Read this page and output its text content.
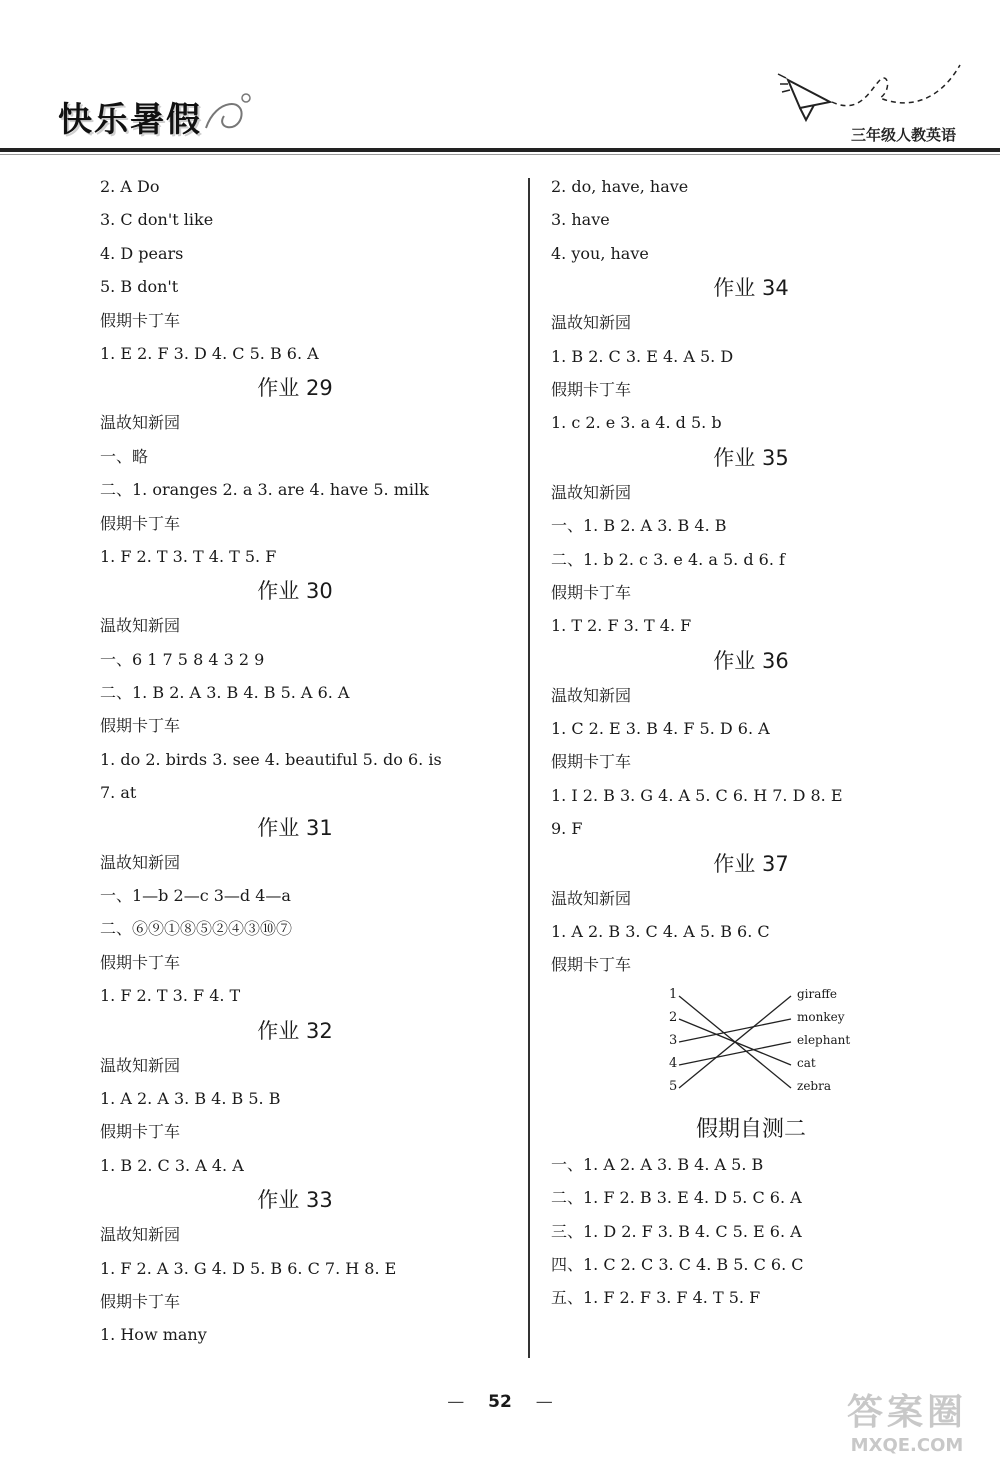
快乐暑假	三年级人教英语
2. A Do
3. C don't like
4. D pears
5. B don't
假期卡丁车
1. E 2. F 3. D 4. C 5. B 6. A
作业 29
温故知新园
一、略
二、1. oranges 2. a 3. are 4. have 5. milk
假期卡丁车
1. F 2. T 3. T 4. T 5. F
作业 30
温故知新园
一、6 1 7 5 8 4 3 2 9
二、1. B 2. A 3. B 4. B 5. A 6. A
假期卡丁车
1. do 2. birds 3. see 4. beautiful 5. do 6. is
7. at
作业 31
温故知新园
一、1—b 2—c 3—d 4—a
二、⑥⑨①⑧⑤②④③⑩⑦
假期卡丁车
1. F 2. T 3. F 4. T
作业 32
温故知新园
1. A 2. A 3. B 4. B 5. B
假期卡丁车
1. B 2. C 3. A 4. A
作业 33
温故知新园
1. F 2. A 3. G 4. D 5. B 6. C 7. H 8. E
假期卡丁车
1. How many
2. do, have, have
3. have
4. you, have
作业 34
温故知新园
1. B 2. C 3. E 4. A 5. D
假期卡丁车
1. c 2. e 3. a 4. d 5. b
作业 35
温故知新园
一、1. B 2. A 3. B 4. B
二、1. b 2. c 3. e 4. a 5. d 6. f
假期卡丁车
1. T 2. F 3. T 4. F
作业 36
温故知新园
1. C 2. E 3. B 4. F 5. D 6. A
假期卡丁车
1. I 2. B 3. G 4. A 5. C 6. H 7. D 8. E
9. F
作业 37
温故知新园
1. A 2. B 3. C 4. A 5. B 6. C
假期卡丁车
1
2
3
4
5
giraffe
monkey
elephant
cat
zebra
假期自测二
一、1. A 2. A 3. B 4. A 5. B
二、1. F 2. B 3. E 4. D 5. C 6. A
三、1. D 2. F 3. B 4. C 5. E 6. A
四、1. C 2. C 3. C 4. B 5. C 6. C
五、1. F 2. F 3. F 4. T 5. F
— 52 —	答案圈
MXQE.COM
